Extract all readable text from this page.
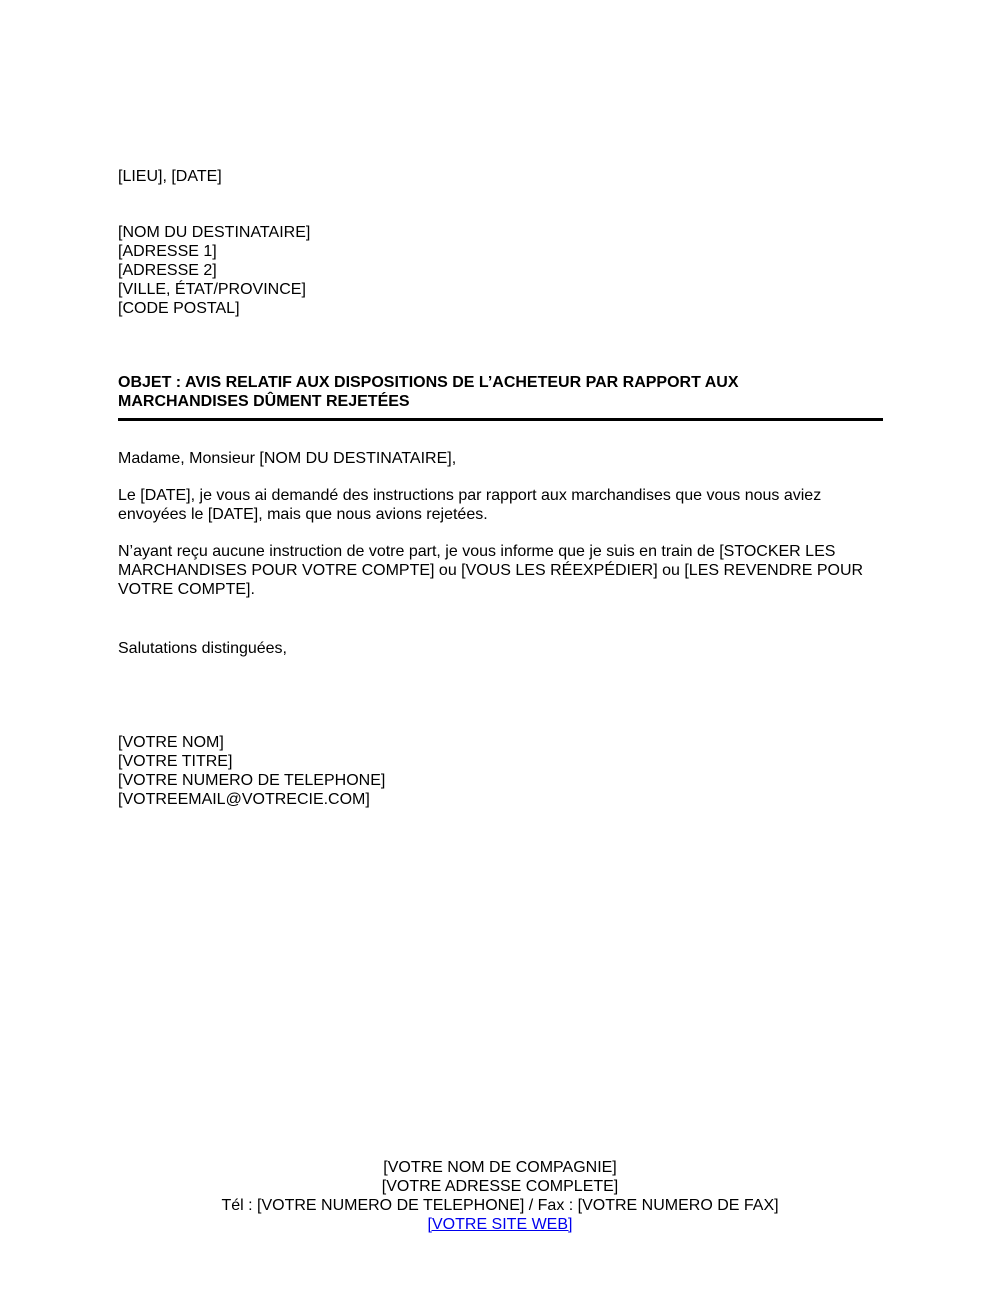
[LIEU], [DATE]
[NOM DU DESTINATAIRE]
[ADRESSE 1]
[ADRESSE 2]
[VILLE, ÉTAT/PROVINCE]
[CODE POSTAL]
OBJET : AVIS RELATIF AUX DISPOSITIONS DE L’ACHETEUR PAR RAPPORT AUX
MARCHANDISES DÛMENT REJETÉES
Madame, Monsieur [NOM DU DESTINATAIRE],
Le [DATE], je vous ai demandé des instructions par rapport aux marchandises que vous nous aviez envoyées le [DATE], mais que nous avions rejetées.
N’ayant reçu aucune instruction de votre part, je vous informe que je suis en train de [STOCKER LES MARCHANDISES POUR VOTRE COMPTE] ou [VOUS LES RÉEXPÉDIER] ou [LES REVENDRE POUR VOTRE COMPTE].
Salutations distinguées,
[VOTRE NOM]
[VOTRE TITRE]
[VOTRE NUMERO DE TELEPHONE]
[VOTREEMAIL@VOTRECIE.COM]
[VOTRE NOM DE COMPAGNIE]
[VOTRE ADRESSE COMPLETE]
Tél : [VOTRE NUMERO DE TELEPHONE] / Fax : [VOTRE NUMERO DE FAX]
[VOTRE SITE WEB]
